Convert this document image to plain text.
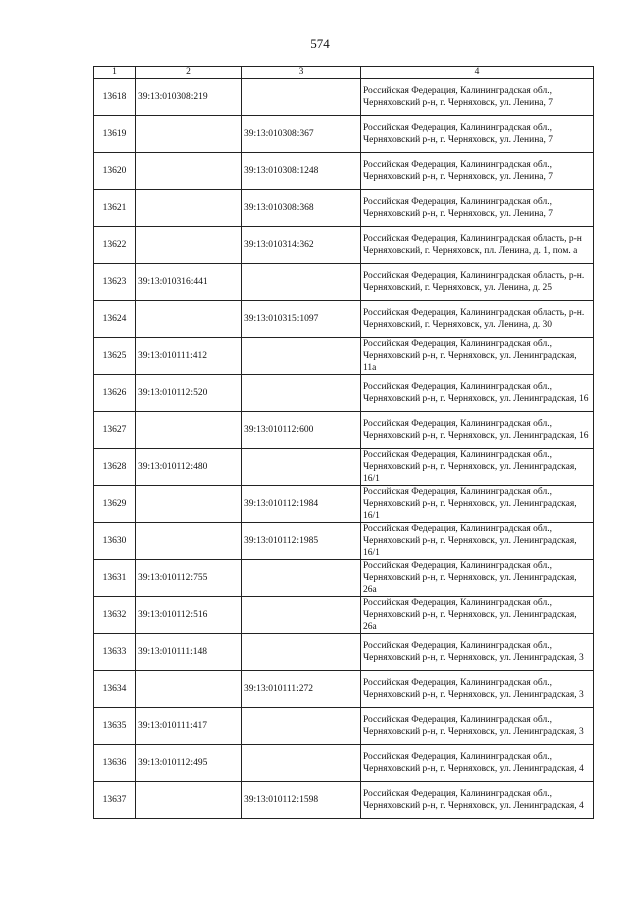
574
1	2	3	4
13618	39:13:010308:219		Российская Федерация, Калининградская обл., Черняховский р-н, г. Черняховск, ул. Ленина, 7
13619		39:13:010308:367	Российская Федерация, Калининградская обл., Черняховский р-н, г. Черняховск, ул. Ленина, 7
13620		39:13:010308:1248	Российская Федерация, Калининградская обл., Черняховский р-н, г. Черняховск, ул. Ленина, 7
13621		39:13:010308:368	Российская Федерация, Калининградская обл., Черняховский р-н, г. Черняховск, ул. Ленина, 7
13622		39:13:010314:362	Российская Федерация, Калининградская область, р-н Черняховский, г. Черняховск, пл. Ленина, д. 1, пом. а
13623	39:13:010316:441		Российская Федерация, Калининградская область, р-н. Черняховский, г. Черняховск, ул. Ленина, д. 25
13624		39:13:010315:1097	Российская Федерация, Калининградская область, р-н. Черняховский, г. Черняховск, ул. Ленина, д. 30
13625	39:13:010111:412		Российская Федерация, Калининградская обл., Черняховский р-н, г. Черняховск, ул. Ленинградская, 11а
13626	39:13:010112:520		Российская Федерация, Калининградская обл., Черняховский р-н, г. Черняховск, ул. Ленинградская, 16
13627		39:13:010112:600	Российская Федерация, Калининградская обл., Черняховский р-н, г. Черняховск, ул. Ленинградская, 16
13628	39:13:010112:480		Российская Федерация, Калининградская обл., Черняховский р-н, г. Черняховск, ул. Ленинградская, 16/1
13629		39:13:010112:1984	Российская Федерация, Калининградская обл., Черняховский р-н, г. Черняховск, ул. Ленинградская, 16/1
13630		39:13:010112:1985	Российская Федерация, Калининградская обл., Черняховский р-н, г. Черняховск, ул. Ленинградская, 16/1
13631	39:13:010112:755		Российская Федерация, Калининградская обл., Черняховский р-н, г. Черняховск, ул. Ленинградская, 26а
13632	39:13:010112:516		Российская Федерация, Калининградская обл., Черняховский р-н, г. Черняховск, ул. Ленинградская, 26а
13633	39:13:010111:148		Российская Федерация, Калининградская обл., Черняховский р-н, г. Черняховск, ул. Ленинградская, 3
13634		39:13:010111:272	Российская Федерация, Калининградская обл., Черняховский р-н, г. Черняховск, ул. Ленинградская, 3
13635	39:13:010111:417		Российская Федерация, Калининградская обл., Черняховский р-н, г. Черняховск, ул. Ленинградская, 3
13636	39:13:010112:495		Российская Федерация, Калининградская обл., Черняховский р-н, г. Черняховск, ул. Ленинградская, 4
13637		39:13:010112:1598	Российская Федерация, Калининградская обл., Черняховский р-н, г. Черняховск, ул. Ленинградская, 4
